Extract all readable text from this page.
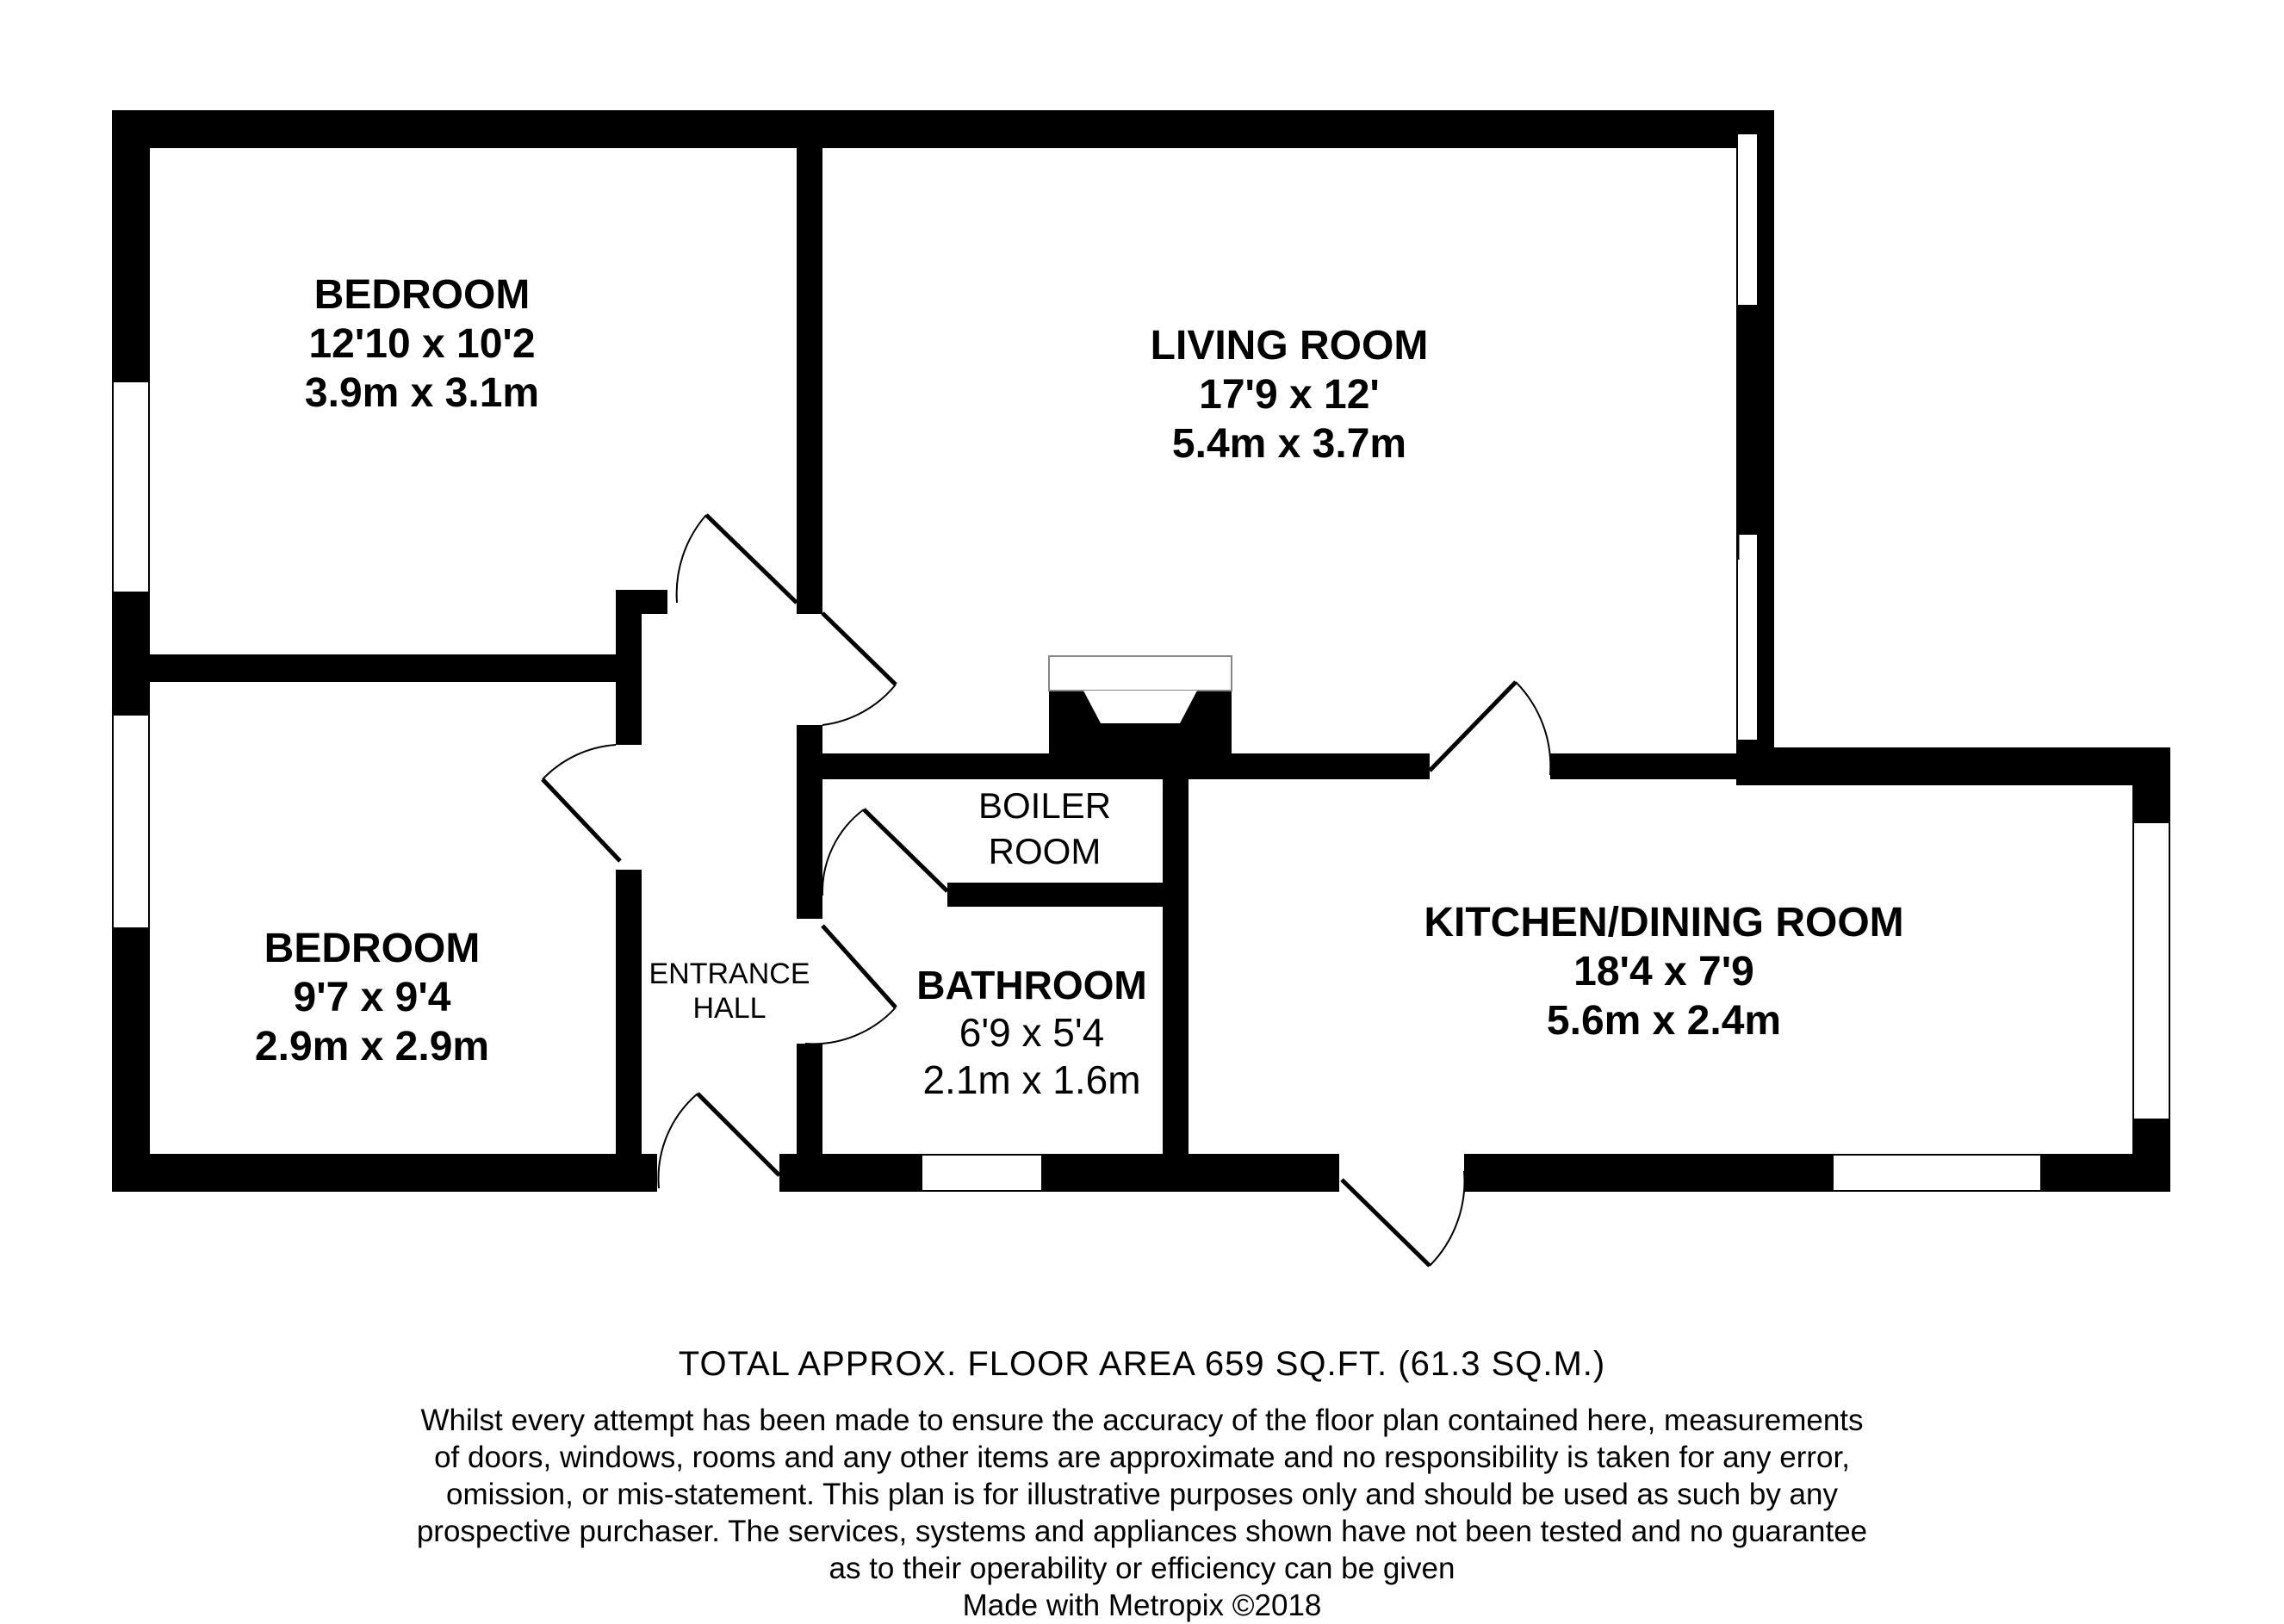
BEDROOM
12'10 x 10'2
3.9m x 3.1m
LIVING ROOM
17'9 x 12'
5.4m x 3.7m
BEDROOM
9'7 x 9'4
2.9m x 2.9m
BOILER
ROOM
ENTRANCE
HALL
BATHROOM
6'9 x 5'4
2.1m x 1.6m
KITCHEN/DINING ROOM
18'4 x 7'9
5.6m x 2.4m
TOTAL APPROX. FLOOR AREA 659 SQ.FT. (61.3 SQ.M.)
Whilst every attempt has been made to ensure the accuracy of the floor plan contained here, measurements
of doors, windows, rooms and any other items are approximate and no responsibility is taken for any error,
omission, or mis-statement. This plan is for illustrative purposes only and should be used as such by any
prospective purchaser. The services, systems and appliances shown have not been tested and no guarantee
as to their operability or efficiency can be given
Made with Metropix ©2018
